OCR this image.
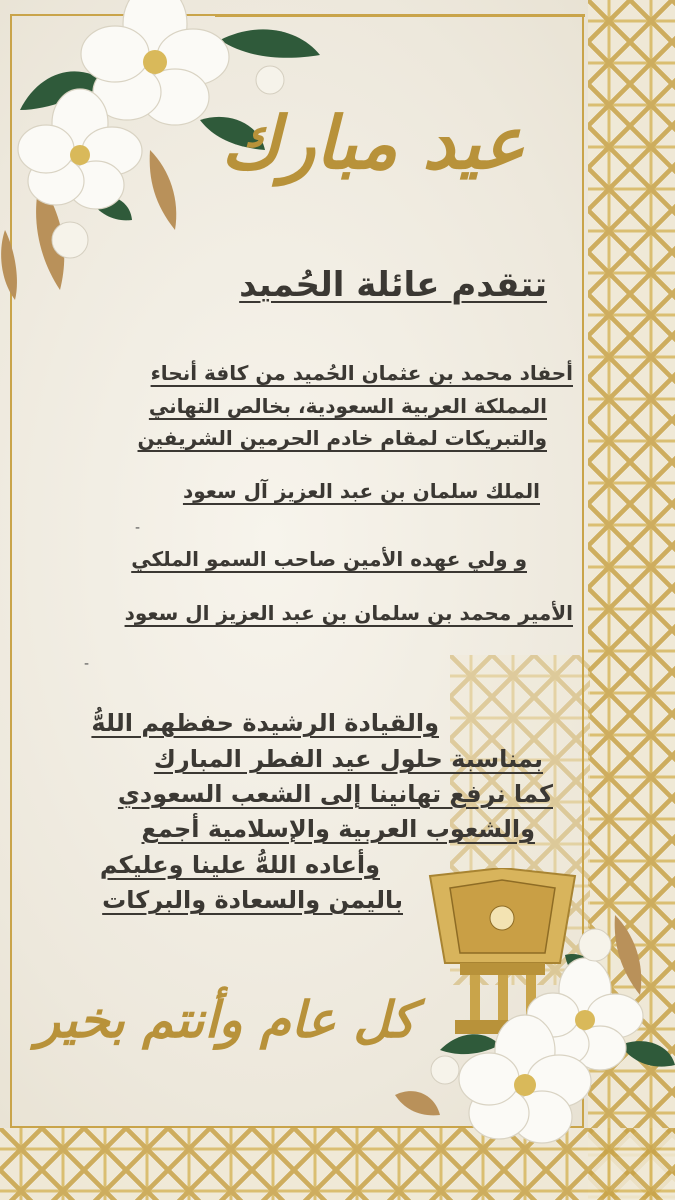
عيد مبارك
تتقدم عائلة الحُميد
أحفاد محمد بن عثمان الحُميد من كافة أنحاء
المملكة العربية السعودية، بخالص التهاني
والتبريكات لمقام خادم الحرمين الشريفين
الملك سلمان بن عبد العزيز آل سعود
-
و ولي عهده الأمين صاحب السمو الملكي
الأمير محمد بن سلمان بن عبد العزيز ال سعود
-
والقيادة الرشيدة حفظهم اللهُّ
بمناسبة حلول عيد الفطر المبارك
كما نرفع تهانينا إلى الشعب السعودي
والشعوب العربية والإسلامية أجمع
وأعاده اللهُّ علينا وعليكم
باليمن والسعادة والبركات
كل عام وأنتم بخير
